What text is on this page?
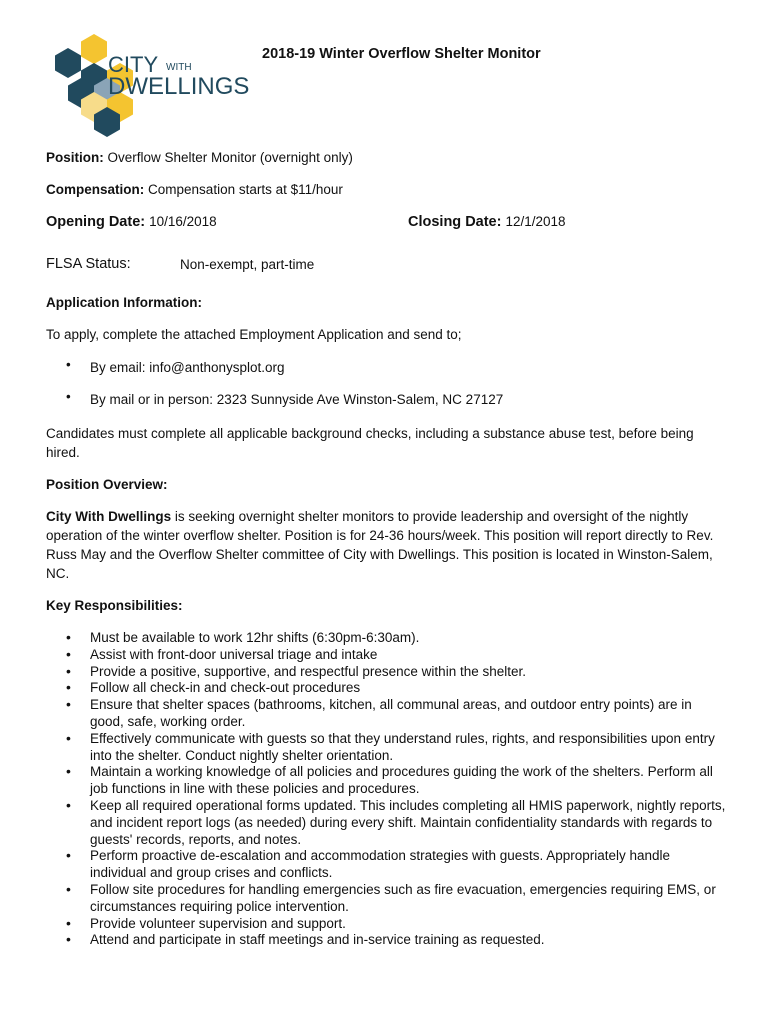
CITY WITH
DWELLINGS
2018-19 Winter Overflow Shelter Monitor
Position: Overflow Shelter Monitor (overnight only)
Compensation: Compensation starts at $11/hour
Opening Date: 10/16/2018	Closing Date: 12/1/2018
FLSA Status:	Non-exempt, part-time
Application Information:
To apply, complete the attached Employment Application and send to;
• By email: info@anthonysplot.org
• By mail or in person: 2323 Sunnyside Ave Winston-Salem, NC 27127
Candidates must complete all applicable background checks, including a substance abuse test, before being hired.
Position Overview:
City With Dwellings is seeking overnight shelter monitors to provide leadership and oversight of the nightly operation of the winter overflow shelter. Position is for 24-36 hours/week. This position will report directly to Rev. Russ May and the Overflow Shelter committee of City with Dwellings. This position is located in Winston-Salem, NC.
Key Responsibilities:
• Must be available to work 12hr shifts (6:30pm-6:30am).
• Assist with front-door universal triage and intake
• Provide a positive, supportive, and respectful presence within the shelter.
• Follow all check-in and check-out procedures
• Ensure that shelter spaces (bathrooms, kitchen, all communal areas, and outdoor entry points) are in good, safe, working order.
• Effectively communicate with guests so that they understand rules, rights, and responsibilities upon entry into the shelter. Conduct nightly shelter orientation.
• Maintain a working knowledge of all policies and procedures guiding the work of the shelters. Perform all job functions in line with these policies and procedures.
• Keep all required operational forms updated. This includes completing all HMIS paperwork, nightly reports, and incident report logs (as needed) during every shift. Maintain confidentiality standards with regards to guests' records, reports, and notes.
• Perform proactive de-escalation and accommodation strategies with guests. Appropriately handle individual and group crises and conflicts.
• Follow site procedures for handling emergencies such as fire evacuation, emergencies requiring EMS, or circumstances requiring police intervention.
• Provide volunteer supervision and support.
• Attend and participate in staff meetings and in-service training as requested.
